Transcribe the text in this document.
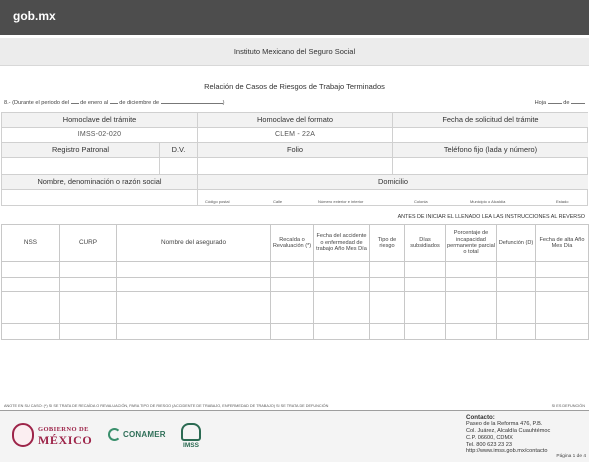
gob.mx
Instituto Mexicano del Seguro Social
Relación de Casos de Riesgos de Trabajo Terminados
8.- (Durante el periodo del de enero al de diciembre de	)	Hoja	de
Homoclave del trámite	Homoclave del formato	Fecha de solicitud del trámite
IMSS-02-020	CLEM - 22A
Registro Patronal	D.V.	Folio	Teléfono fijo (lada y número)
Nombre, denominación o razón social	Domicilio
Código postal	Calle	Número exterior e interior	Colonia	Municipio o Alcaldía	Estado
ANTES DE INICIAR EL LLENADO LEA LAS INSTRUCCIONES AL REVERSO
NSS	CURP	Nombre del asegurado	Recaída o Revaluación (*)	Fecha del accidente o enfermedad de trabajo Año Mes Día	Tipo de riesgo	Días subsidiados	Porcentaje de incapacidad permanente parcial o total	Defunción (D)	Fecha de alta Año Mes Día

ANOTE EN SU CASO: (*) SI SE TRATA DE RECAÍDA O REVALUACIÓN, PARA TIPO DE RIESGO (ACCIDENTE DE TRABAJO, ENFERMEDAD DE TRABAJO) SI SE TRATA DE DEFUNCIÓN	SI ES DEFUNCIÓN
GOBIERNO DE
MÉXICO	CONAMER
IMSS
Contacto:
Paseo de la Reforma 476, P.B.
Col. Juárez, Alcaldía Cuauhtémoc
C.P. 06600, CDMX
Tel. 800 623 23 23
http://www.imss.gob.mx/contacto
Página 1 de 4
